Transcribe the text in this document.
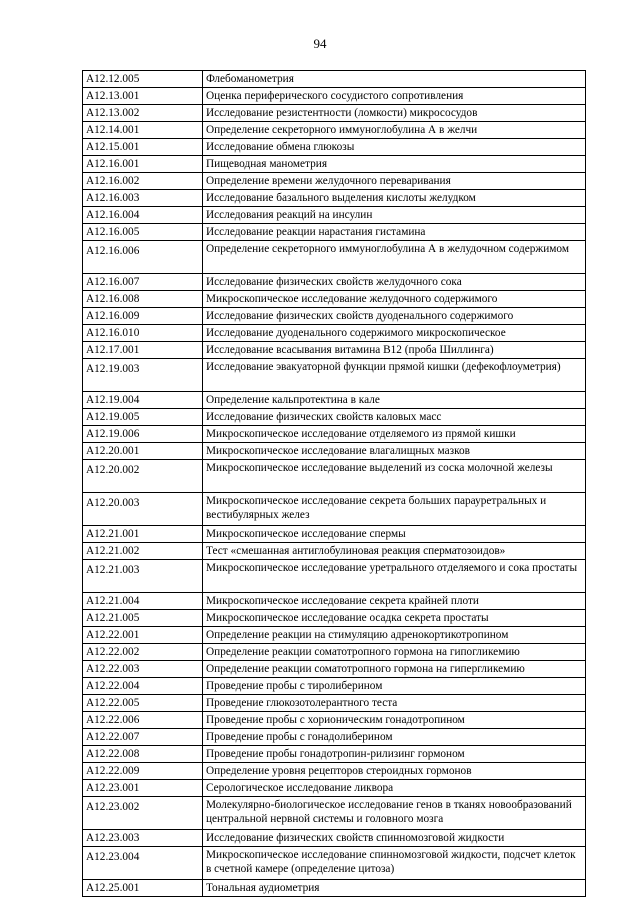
94
A12.12.005	Флебоманометрия
A12.13.001	Оценка периферического сосудистого сопротивления
A12.13.002	Исследование резистентности (ломкости) микрососудов
A12.14.001	Определение секреторного иммуноглобулина А в желчи
A12.15.001	Исследование обмена глюкозы
A12.16.001	Пищеводная манометрия
A12.16.002	Определение времени желудочного переваривания
A12.16.003	Исследование базального выделения кислоты желудком
A12.16.004	Исследования реакций на инсулин
A12.16.005	Исследование реакции нарастания гистамина
A12.16.006	Определение секреторного иммуноглобулина А в желудочном содержимом
A12.16.007	Исследование физических свойств желудочного сока
A12.16.008	Микроскопическое исследование желудочного содержимого
A12.16.009	Исследование физических свойств дуоденального содержимого
A12.16.010	Исследование дуоденального содержимого микроскопическое
A12.17.001	Исследование всасывания витамина В12 (проба Шиллинга)
A12.19.003	Исследование эвакуаторной функции прямой кишки (дефекофлоуметрия)
A12.19.004	Определение кальпротектина в кале
A12.19.005	Исследование физических свойств каловых масс
A12.19.006	Микроскопическое исследование отделяемого из прямой кишки
A12.20.001	Микроскопическое исследование влагалищных мазков
A12.20.002	Микроскопическое исследование выделений из соска молочной железы
A12.20.003	Микроскопическое исследование секрета больших парауретральных и вестибулярных желез
A12.21.001	Микроскопическое исследование спермы
A12.21.002	Тест «смешанная антиглобулиновая реакция сперматозоидов»
A12.21.003	Микроскопическое исследование уретрального отделяемого и сока простаты
A12.21.004	Микроскопическое исследование секрета крайней плоти
A12.21.005	Микроскопическое исследование осадка секрета простаты
A12.22.001	Определение реакции на стимуляцию адренокортикотропином
A12.22.002	Определение реакции соматотропного гормона на гипогликемию
A12.22.003	Определение реакции соматотропного гормона на гипергликемию
A12.22.004	Проведение пробы с тиролиберином
A12.22.005	Проведение глюкозотолерантного теста
A12.22.006	Проведение пробы с хорионическим гонадотропином
A12.22.007	Проведение пробы с гонадолиберином
A12.22.008	Проведение пробы гонадотропин-рилизинг гормоном
A12.22.009	Определение уровня рецепторов стероидных гормонов
A12.23.001	Серологическое исследование ликвора
A12.23.002	Молекулярно-биологическое исследование генов в тканях новообразований центральной нервной системы и головного мозга
A12.23.003	Исследование физических свойств спинномозговой жидкости
A12.23.004	Микроскопическое исследование спинномозговой жидкости, подсчет клеток в счетной камере (определение цитоза)
A12.25.001	Тональная аудиометрия
